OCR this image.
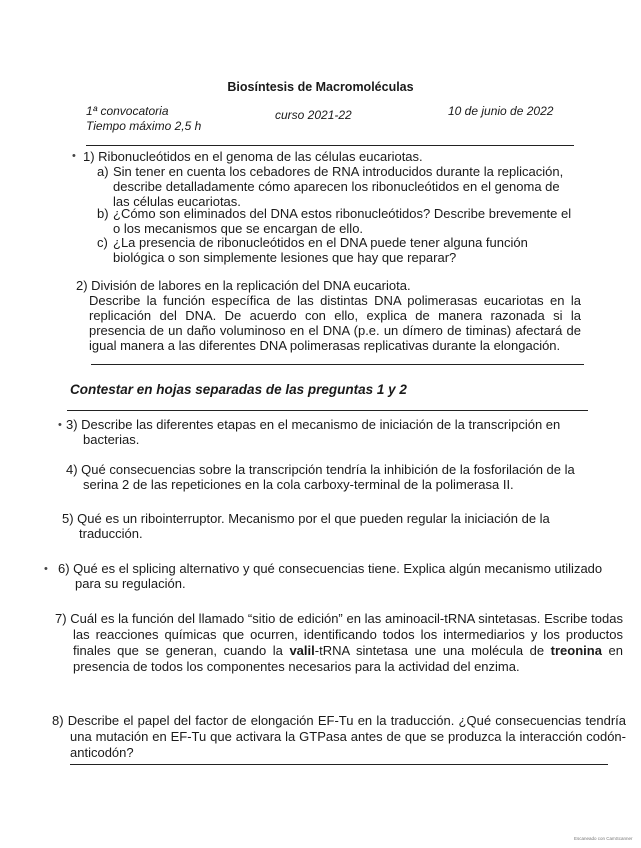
Biosíntesis de Macromoléculas
1ª convocatoria
Tiempo máximo 2,5 h
curso 2021-22	10 de junio de 2022
• 1) Ribonucleótidos en el genoma de las células eucariotas.
a) Sin tener en cuenta los cebadores de RNA introducidos durante la replicación, describe detalladamente cómo aparecen los ribonucleótidos en el genoma de las células eucariotas.
b) ¿Cómo son eliminados del DNA estos ribonucleótidos? Describe brevemente el o los mecanismos que se encargan de ello.
c) ¿La presencia de ribonucleótidos en el DNA puede tener alguna función biológica o son simplemente lesiones que hay que reparar?
2) División de labores en la replicación del DNA eucariota.
Describe la función específica de las distintas DNA polimerasas eucariotas en la replicación del DNA. De acuerdo con ello, explica de manera razonada si la presencia de un daño voluminoso en el DNA (p.e. un dímero de timinas) afectará de igual manera a las diferentes DNA polimerasas replicativas durante la elongación.
Contestar en hojas separadas de las preguntas 1 y 2
• 3) Describe las diferentes etapas en el mecanismo de iniciación de la transcripción en bacterias.
4) Qué consecuencias sobre la transcripción tendría la inhibición de la fosforilación de la serina 2 de las repeticiones en la cola carboxy-terminal de la polimerasa II.
5) Qué es un ribointerruptor. Mecanismo por el que pueden regular la iniciación de la traducción.
• 6) Qué es el splicing alternativo y qué consecuencias tiene. Explica algún mecanismo utilizado para su regulación.
7) Cuál es la función del llamado “sitio de edición” en las aminoacil-tRNA sintetasas. Escribe todas las reacciones químicas que ocurren, identificando todos los intermediarios y los productos finales que se generan, cuando la valil-tRNA sintetasa une una molécula de treonina en presencia de todos los componentes necesarios para la actividad del enzima.
8) Describe el papel del factor de elongación EF-Tu en la traducción. ¿Qué consecuencias tendría una mutación en EF-Tu que activara la GTPasa antes de que se produzca la interacción codón-anticodón?
Escaneado con CamScanner
